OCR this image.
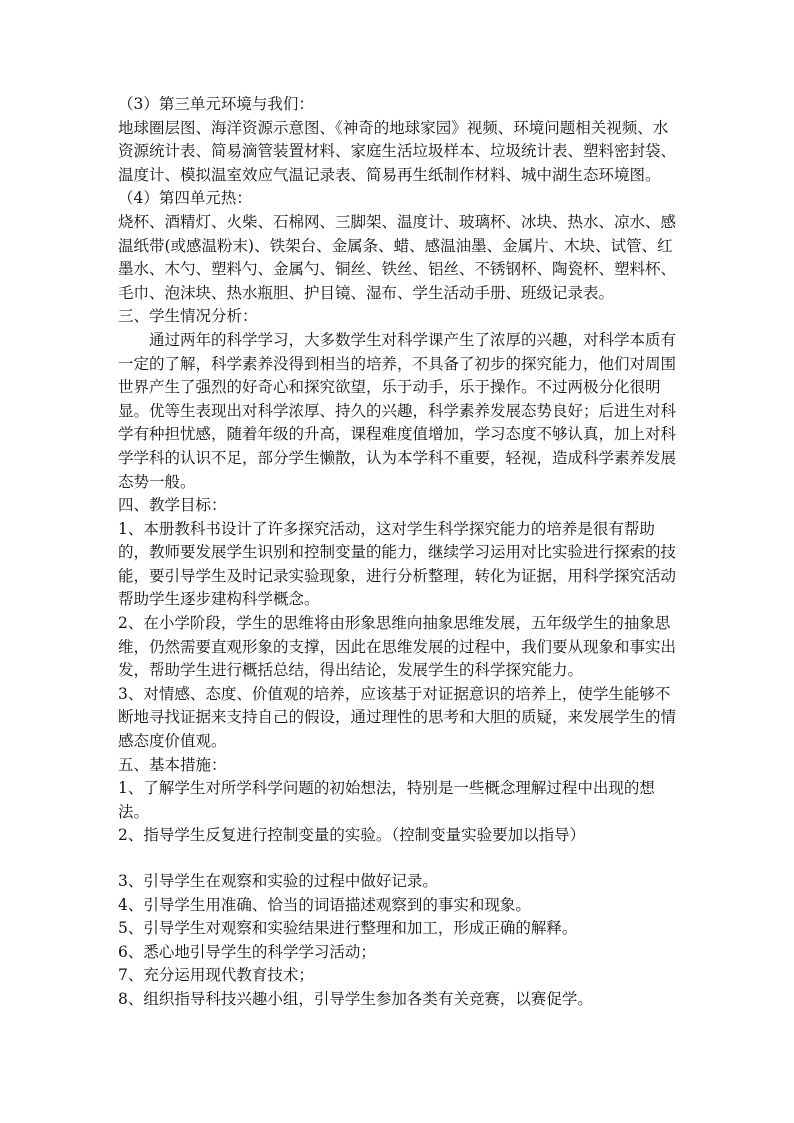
（3）第三单元环境与我们：

地球圈层图、海洋资源示意图、《神奇的地球家园》视频、环境问题相关视频、水资源统计表、简易滴管装置材料、家庭生活垃圾样本、垃圾统计表、塑料密封袋、温度计、模拟温室效应气温记录表、简易再生纸制作材料、城中湖生态环境图。

（4）第四单元热：

烧杯、酒精灯、火柴、石棉网、三脚架、温度计、玻璃杯、冰块、热水、凉水、感温纸带(或感温粉末)、铁架台、金属条、蜡、感温油墨、金属片、木块、试管、红

墨水、木勺、塑料勺、金属勺、铜丝、铁丝、铝丝、不锈钢杯、陶瓷杯、塑料杯、毛巾、泡沫块、热水瓶胆、护目镜、湿布、学生活动手册、班级记录表。

三、学生情况分析：

通过两年的科学学习，大多数学生对科学课产生了浓厚的兴趣，对科学本质有一定的了解，科学素养没得到相当的培养，不具备了初步的探究能力，他们对周围世界产生了强烈的好奇心和探究欲望，乐于动手，乐于操作。不过两极分化很明显。优等生表现出对科学浓厚、持久的兴趣，科学素养发展态势良好；后进生对科学有种担忧感，随着年级的升高，课程难度值增加，学习态度不够认真，加上对科学学科的认识不足，部分学生懒散，认为本学科不重要，轻视，造成科学素养发展态势一般。

四、教学目标：

1、本册教科书设计了许多探究活动，这对学生科学探究能力的培养是很有帮助的，教师要发展学生识别和控制变量的能力，继续学习运用对比实验进行探索的技能，要引导学生及时记录实验现象，进行分析整理，转化为证据，用科学探究活动帮助学生逐步建构科学概念。

2、在小学阶段，学生的思维将由形象思维向抽象思维发展，五年级学生的抽象思维，仍然需要直观形象的支撑，因此在思维发展的过程中，我们要从现象和事实出发，帮助学生进行概括总结，得出结论，发展学生的科学探究能力。

3、对情感、态度、价值观的培养，应该基于对证据意识的培养上，使学生能够不断地寻找证据来支持自己的假设，通过理性的思考和大胆的质疑，来发展学生的情感态度价值观。

五、基本措施：

1、了解学生对所学科学问题的初始想法，特别是一些概念理解过程中出现的想法。

2、指导学生反复进行控制变量的实验。（控制变量实验要加以指导）

3、引导学生在观察和实验的过程中做好记录。

4、引导学生用准确、恰当的词语描述观察到的事实和现象。

5、引导学生对观察和实验结果进行整理和加工，形成正确的解释。

6、悉心地引导学生的科学学习活动；

7、充分运用现代教育技术；

8、组织指导科技兴趣小组，引导学生参加各类有关竞赛，以赛促学。
